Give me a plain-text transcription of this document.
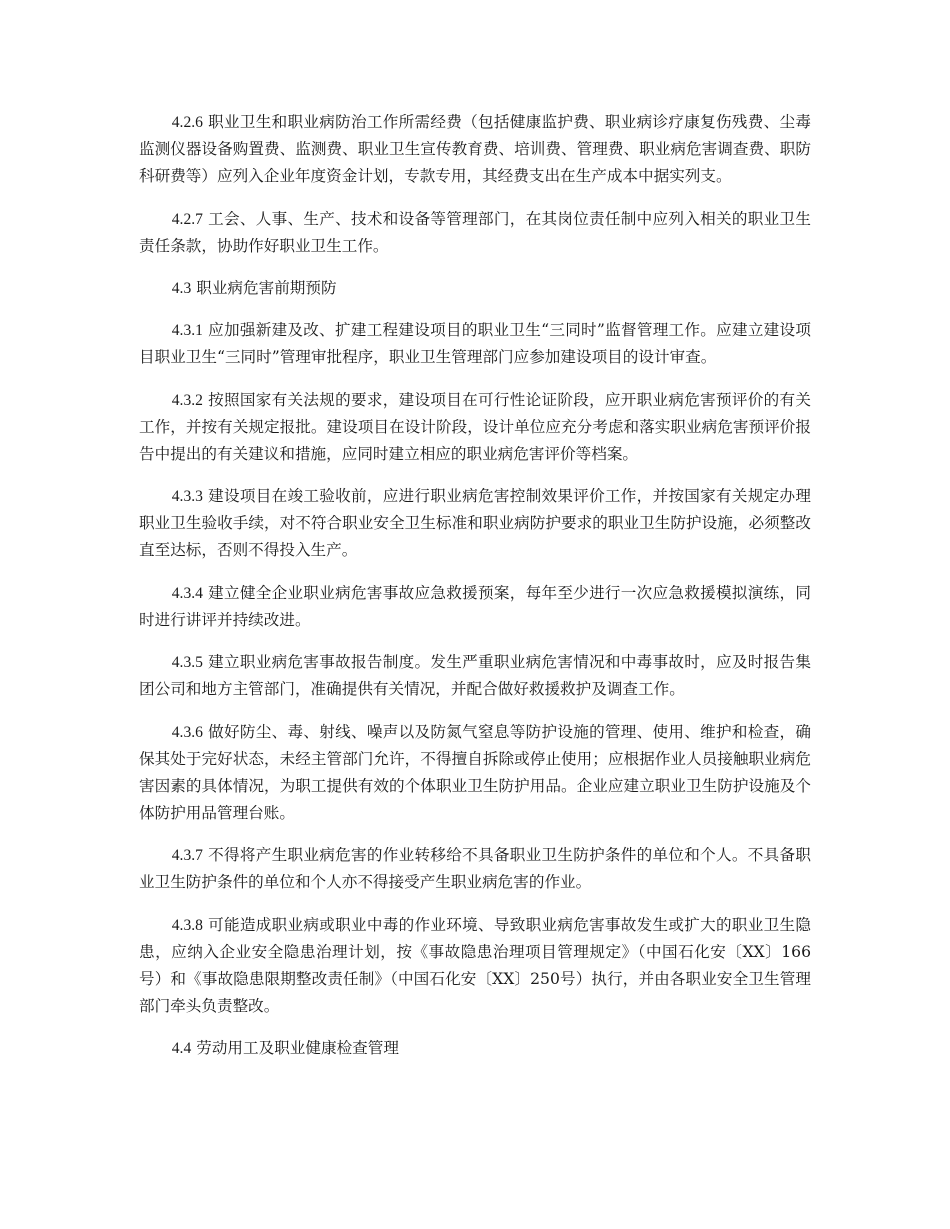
4.2.6 职业卫生和职业病防治工作所需经费（包括健康监护费、职业病诊疗康复伤残费、尘毒监测仪器设备购置费、监测费、职业卫生宣传教育费、培训费、管理费、职业病危害调查费、职防科研费等）应列入企业年度资金计划，专款专用，其经费支出在生产成本中据实列支。

4.2.7 工会、人事、生产、技术和设备等管理部门，在其岗位责任制中应列入相关的职业卫生责任条款，协助作好职业卫生工作。

4.3 职业病危害前期预防

4.3.1 应加强新建及改、扩建工程建设项目的职业卫生“三同时”监督管理工作。应建立建设项目职业卫生“三同时”管理审批程序，职业卫生管理部门应参加建设项目的设计审查。

4.3.2 按照国家有关法规的要求，建设项目在可行性论证阶段，应开职业病危害预评价的有关工作，并按有关规定报批。建设项目在设计阶段，设计单位应充分考虑和落实职业病危害预评价报告中提出的有关建议和措施，应同时建立相应的职业病危害评价等档案。

4.3.3 建设项目在竣工验收前，应进行职业病危害控制效果评价工作，并按国家有关规定办理职业卫生验收手续，对不符合职业安全卫生标准和职业病防护要求的职业卫生防护设施，必须整改直至达标，否则不得投入生产。

4.3.4 建立健全企业职业病危害事故应急救援预案，每年至少进行一次应急救援模拟演练，同时进行讲评并持续改进。

4.3.5 建立职业病危害事故报告制度。发生严重职业病危害情况和中毒事故时，应及时报告集团公司和地方主管部门，准确提供有关情况，并配合做好救援救护及调查工作。

4.3.6 做好防尘、毒、射线、噪声以及防氮气窒息等防护设施的管理、使用、维护和检查，确保其处于完好状态，未经主管部门允许，不得擅自拆除或停止使用；应根据作业人员接触职业病危害因素的具体情况，为职工提供有效的个体职业卫生防护用品。企业应建立职业卫生防护设施及个体防护用品管理台账。

4.3.7 不得将产生职业病危害的作业转移给不具备职业卫生防护条件的单位和个人。不具备职业卫生防护条件的单位和个人亦不得接受产生职业病危害的作业。

4.3.8 可能造成职业病或职业中毒的作业环境、导致职业病危害事故发生或扩大的职业卫生隐患，应纳入企业安全隐患治理计划，按《事故隐患治理项目管理规定》（中国石化安〔XX〕166号）和《事故隐患限期整改责任制》（中国石化安〔XX〕250号）执行，并由各职业安全卫生管理部门牵头负责整改。

4.4 劳动用工及职业健康检查管理
